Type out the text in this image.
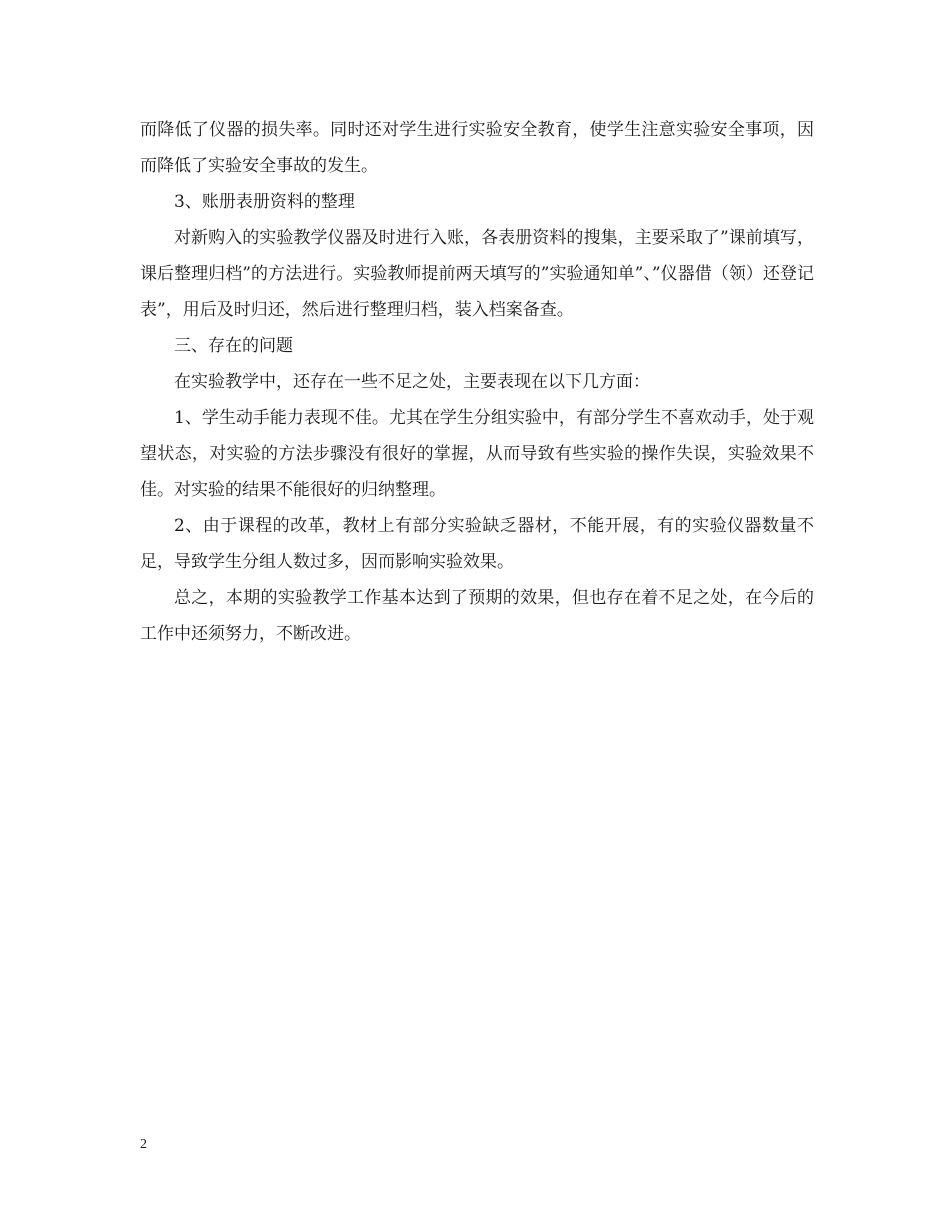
而降低了仪器的损失率。同时还对学生进行实验安全教育，使学生注意实验安全事项，因而降低了实验安全事故的发生。

3、账册表册资料的整理

对新购入的实验教学仪器及时进行入账，各表册资料的搜集，主要采取了”课前填写，课后整理归档”的方法进行。实验教师提前两天填写的”实验通知单”、”仪器借（领）还登记表”，用后及时归还，然后进行整理归档，装入档案备查。

三、存在的问题

在实验教学中，还存在一些不足之处，主要表现在以下几方面：

1、学生动手能力表现不佳。尤其在学生分组实验中，有部分学生不喜欢动手，处于观望状态，对实验的方法步骤没有很好的掌握，从而导致有些实验的操作失误，实验效果不佳。对实验的结果不能很好的归纳整理。

2、由于课程的改革，教材上有部分实验缺乏器材，不能开展，有的实验仪器数量不足，导致学生分组人数过多，因而影响实验效果。

总之，本期的实验教学工作基本达到了预期的效果，但也存在着不足之处，在今后的工作中还须努力，不断改进。

2
